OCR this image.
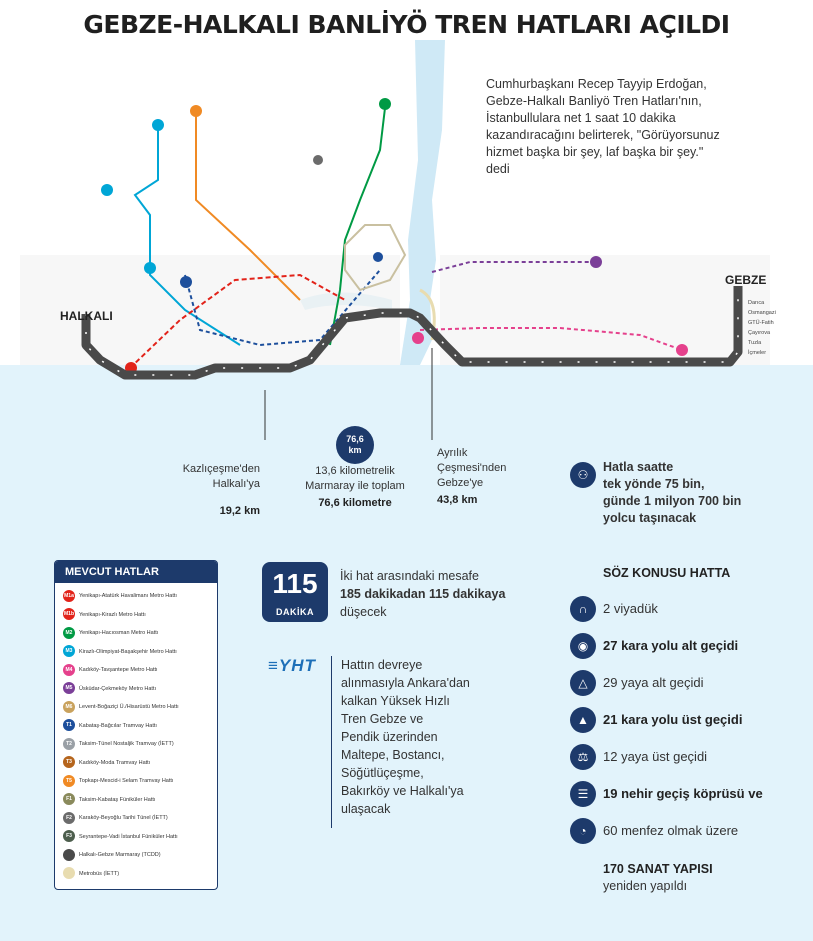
GEBZE-HALKALI BANLİYÖ TREN HATLARI AÇILDI
Darıca
Osmangazi
GTÜ-Fatih
Çayırova
Tuzla
İçmeler
HALKALI
GEBZE
Cumhurbaşkanı Recep Tayyip Erdoğan,
Gebze-Halkalı Banliyö Tren Hatları'nın,
İstanbullulara net 1 saat 10 dakika
kazandıracağını belirterek, "Görüyorsunuz
hizmet başka bir şey, laf başka bir şey."
dedi
Kazlıçeşme'den
Halkalı'ya
19,2 km
76,6
km
13,6 kilometrelik
Marmaray ile toplam
76,6 kilometre
Ayrılık
Çeşmesi'nden
Gebze'ye
43,8 km
⚇
Hatla saatte
tek yönde 75 bin,
günde 1 milyon 700 bin
yolcu taşınacak
MEVCUT HATLAR
M1a Yenikapı-Atatürk Havalimanı Metro Hattı
M1b Yenikapı-Kirazlı Metro Hattı
M2 Yenikapı-Hacıosman Metro Hattı
M3 Kirazlı-Olimpiyat-Başakşehir Metro Hattı
M4 Kadıköy-Tavşantepe Metro Hattı
M5 Üsküdar-Çekmeköy Metro Hattı
M6 Levent-Boğaziçi Ü./Hisarüstü Metro Hattı
T1 Kabataş-Bağcılar Tramvay Hattı
T2 Taksim-Tünel Nostaljik Tramvay (İETT)
T3 Kadıköy-Moda Tramvay Hattı
T5 Topkapı-Mescid-i Selam Tramvay Hattı
F1 Taksim-Kabataş Füniküler Hattı
F2 Karaköy-Beyoğlu Tarihi Tünel (İETT)
F3 Seyrantepe-Vadi İstanbul Füniküler Hattı
Halkalı-Gebze Marmaray (TCDD)
Metrobüs (İETT)
115
DAKİKA
İki hat arasındaki mesafe
185 dakikadan 115 dakikaya
düşecek
≡YHT Hattın devreye
alınmasıyla Ankara'dan
kalkan Yüksek Hızlı
Tren Gebze ve
Pendik üzerinden
Maltepe, Bostancı,
Söğütlüçeşme,
Bakırköy ve Halkalı'ya
ulaşacak
SÖZ KONUSU HATTA
∩	2 viyadük
◉	27 kara yolu alt geçidi
△	29 yaya alt geçidi
▲	21 kara yolu üst geçidi
⚖	12 yaya üst geçidi
☰	19 nehir geçiş köprüsü ve
◔	60 menfez olmak üzere
170 SANAT YAPISI
yeniden yapıldı
